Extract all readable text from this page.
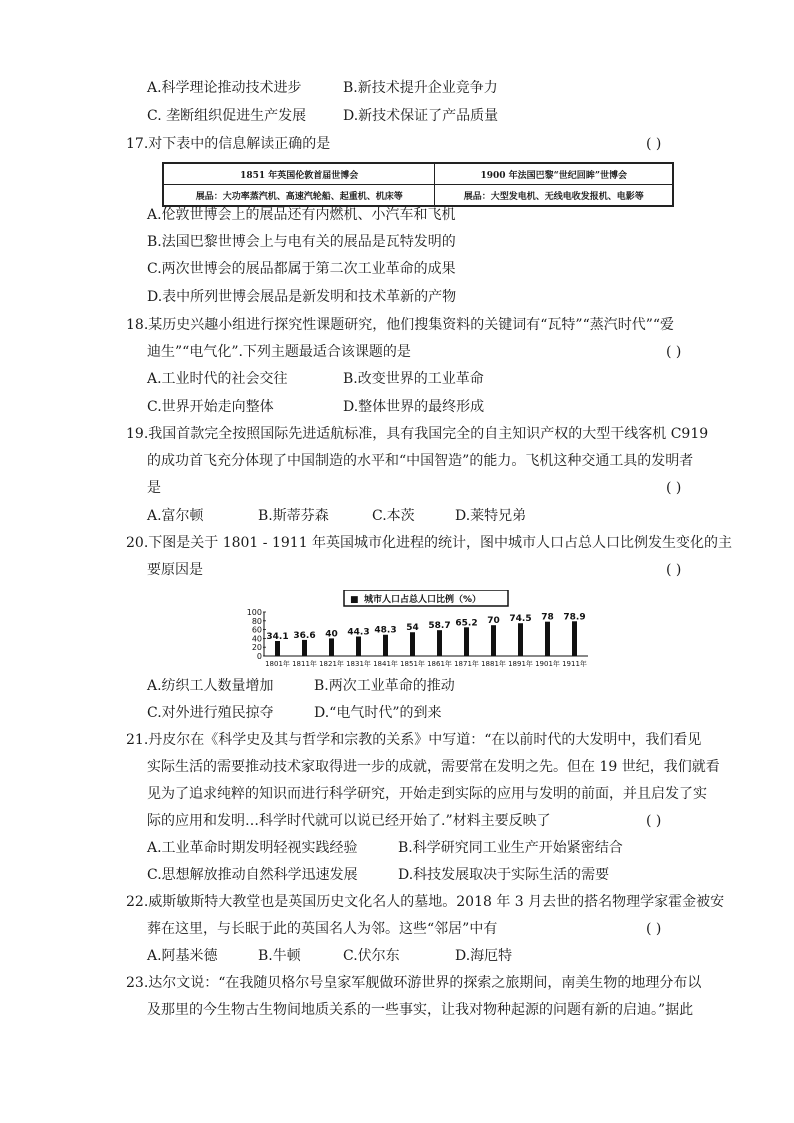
A.科学理论推动技术进步	B.新技术提升企业竞争力
C. 垄断组织促进生产发展	D.新技术保证了产品质量
17.对下表中的信息解读正确的是	( )
1851 年英国伦敦首届世博会	1900 年法国巴黎“世纪回眸”世博会
展品：大功率蒸汽机、高速汽轮船、起重机、机床等	展品：大型发电机、无线电收发报机、电影等
A.伦敦世博会上的展品还有内燃机、小汽车和飞机
B.法国巴黎世博会上与电有关的展品是瓦特发明的
C.两次世博会的展品都属于第二次工业革命的成果
D.表中所列世博会展品是新发明和技术革新的产物
18.某历史兴趣小组进行探究性课题研究，他们搜集资料的关键词有“瓦特”“蒸汽时代”“爱
迪生”“电气化”.下列主题最适合该课题的是	( )
A.工业时代的社会交往	B.改变世界的工业革命
C.世界开始走向整体	D.整体世界的最终形成
19.我国首款完全按照国际先进适航标准，具有我国完全的自主知识产权的大型干线客机 C919
的成功首飞充分体现了中国制造的水平和“中国智造”的能力。飞机这种交通工具的发明者
是	( )
A.富尔顿	B.斯蒂芬森	C.本茨	D.莱特兄弟
20.下图是关于 1801 - 1911 年英国城市化进程的统计，图中城市人口占总人口比例发生变化的主
要原因是	( )
■ 城市人口占总人口比例（%）
100
80
60
40
20
0
34.1
1801年
36.6
1811年
40
1821年
44.3
1831年
48.3
1841年
54
1851年
58.7
1861年
65.2
1871年
70
1881年
74.5
1891年
78
1901年
78.9
1911年
A.纺织工人数量增加	B.两次工业革命的推动
C.对外进行殖民掠夺	D.“电气时代”的到来
21.丹皮尔在《科学史及其与哲学和宗教的关系》中写道：“在以前时代的大发明中，我们看见
实际生活的需要推动技术家取得进一步的成就，需要常在发明之先。但在 19 世纪，我们就看
见为了追求纯粹的知识而进行科学研究，开始走到实际的应用与发明的前面，并且启发了实
际的应用和发明…科学时代就可以说已经开始了.”材料主要反映了	( )
A.工业革命时期发明轻视实践经验	B.科学研究同工业生产开始紧密结合
C.思想解放推动自然科学迅速发展	D.科技发展取决于实际生活的需要
22.威斯敏斯特大教堂也是英国历史文化名人的墓地。2018 年 3 月去世的搭名物理学家霍金被安
葬在这里，与长眠于此的英国名人为邻。这些“邻居”中有	( )
A.阿基米德	B.牛顿	C.伏尔东	D.海厄特
23.达尔文说：“在我随贝格尔号皇家军舰做环游世界的探索之旅期间，南美生物的地理分布以
及那里的今生物古生物间地质关系的一些事实，让我对物种起源的问题有新的启迪。”据此
